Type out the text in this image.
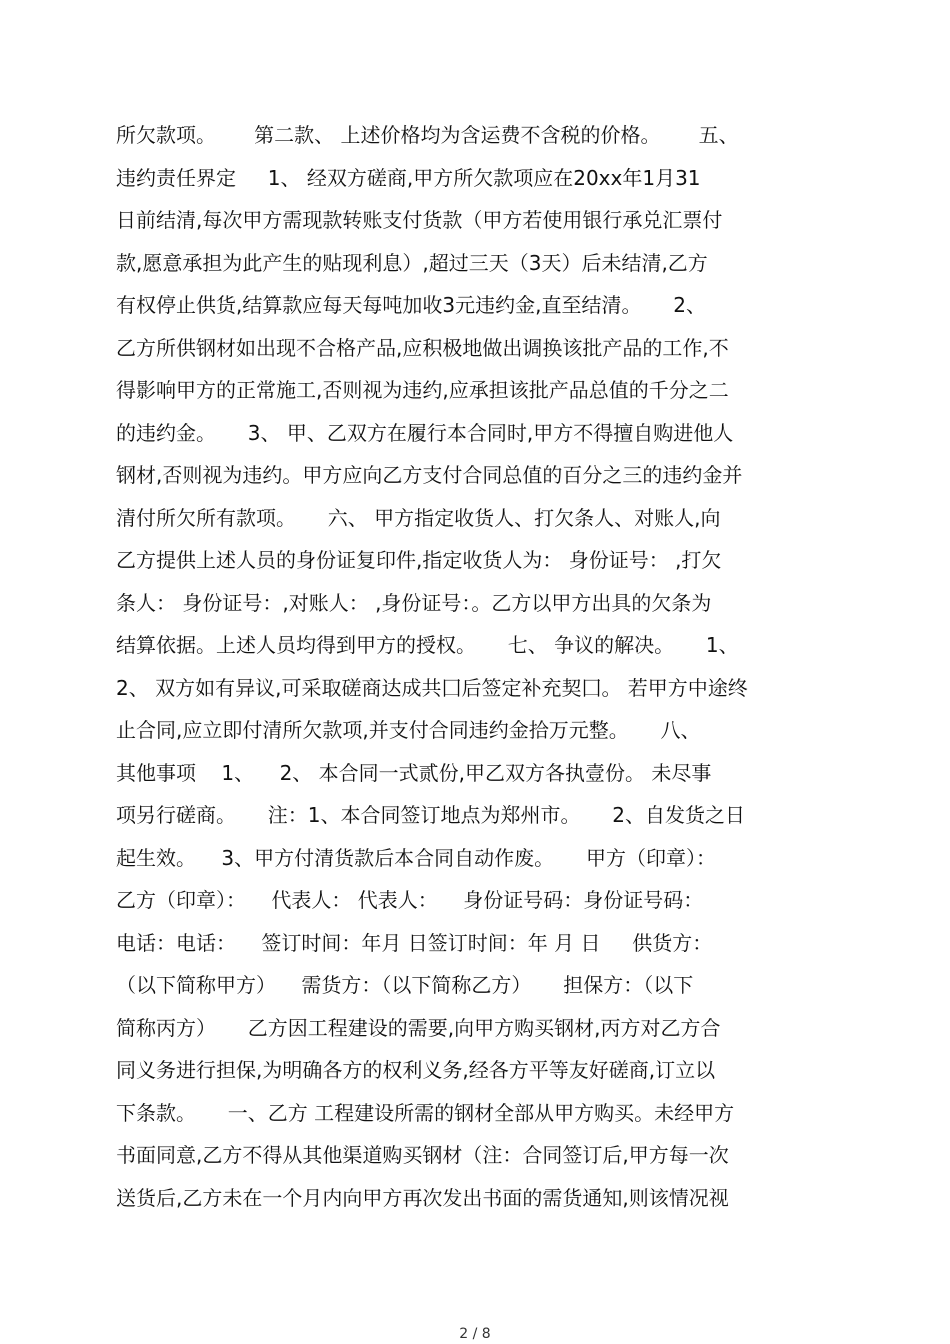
所欠款项。      第二款、 上述价格均为含运费不含税的价格。      五、
违约责任界定     1、 经双方磋商,甲方所欠款项应在20xx年1月31
日前结清,每次甲方需现款转账支付货款（甲方若使用银行承兑汇票付
款,愿意承担为此产生的贴现利息）,超过三天（3天）后未结清,乙方
有权停止供货,结算款应每天每吨加收3元违约金,直至结清。     2、
乙方所供钢材如出现不合格产品,应积极地做出调换该批产品的工作,不
得影响甲方的正常施工,否则视为违约,应承担该批产品总值的千分之二
的违约金。     3、 甲、乙双方在履行本合同时,甲方不得擅自购进他人
钢材,否则视为违约。甲方应向乙方支付合同总值的百分之三的违约金并
清付所欠所有款项。     六、 甲方指定收货人、打欠条人、对账人,向
乙方提供上述人员的身份证复印件,指定收货人为： 身份证号： ,打欠
条人： 身份证号：,对账人： ,身份证号：。乙方以甲方出具的欠条为
结算依据。上述人员均得到甲方的授权。     七、 争议的解决。     1、
2、 双方如有异议,可采取磋商达成共囗后签定补充契囗。 若甲方中途终
止合同,应立即付清所欠款项,并支付合同违约金拾万元整。     八、
其他事项    1、    2、 本合同一式贰份,甲乙双方各执壹份。 未尽事
项另行磋商。     注：1、本合同签订地点为郑州市。     2、自发货之日
起生效。    3、甲方付清货款后本合同自动作废。     甲方（印章）：
乙方（印章）：    代表人： 代表人：    身份证号码：身份证号码：
电话：电话：    签订时间：年月 日签订时间：年 月 日     供货方：
（以下简称甲方）    需货方：（以下简称乙方）     担保方：（以下
简称丙方）     乙方因工程建设的需要,向甲方购买钢材,丙方对乙方合
同义务进行担保,为明确各方的权利义务,经各方平等友好磋商,订立以
下条款。     一、乙方 工程建设所需的钢材全部从甲方购买。未经甲方
书面同意,乙方不得从其他渠道购买钢材（注：合同签订后,甲方每一次
送货后,乙方未在一个月内向甲方再次发出书面的需货通知,则该情况视
2 / 8
